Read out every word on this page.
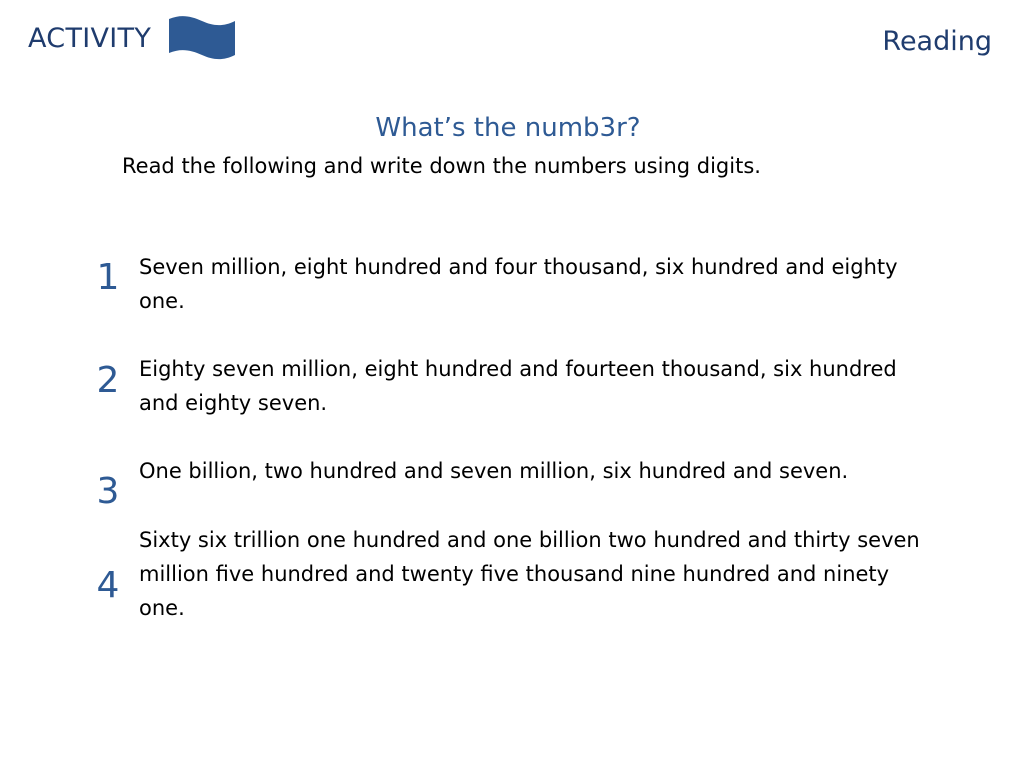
ACTIVITY	Reading
What’s the numb3r?
Read the following and write down the numbers using digits.
1 Seven million, eight hundred and four thousand, six hundred and eighty one.
2 Eighty seven million, eight hundred and fourteen thousand, six hundred and eighty seven.
3 One billion, two hundred and seven million, six hundred and seven.
4
Sixty six trillion one hundred and one billion two hundred and thirty seven million five hundred and twenty five thousand nine hundred and ninety one.
